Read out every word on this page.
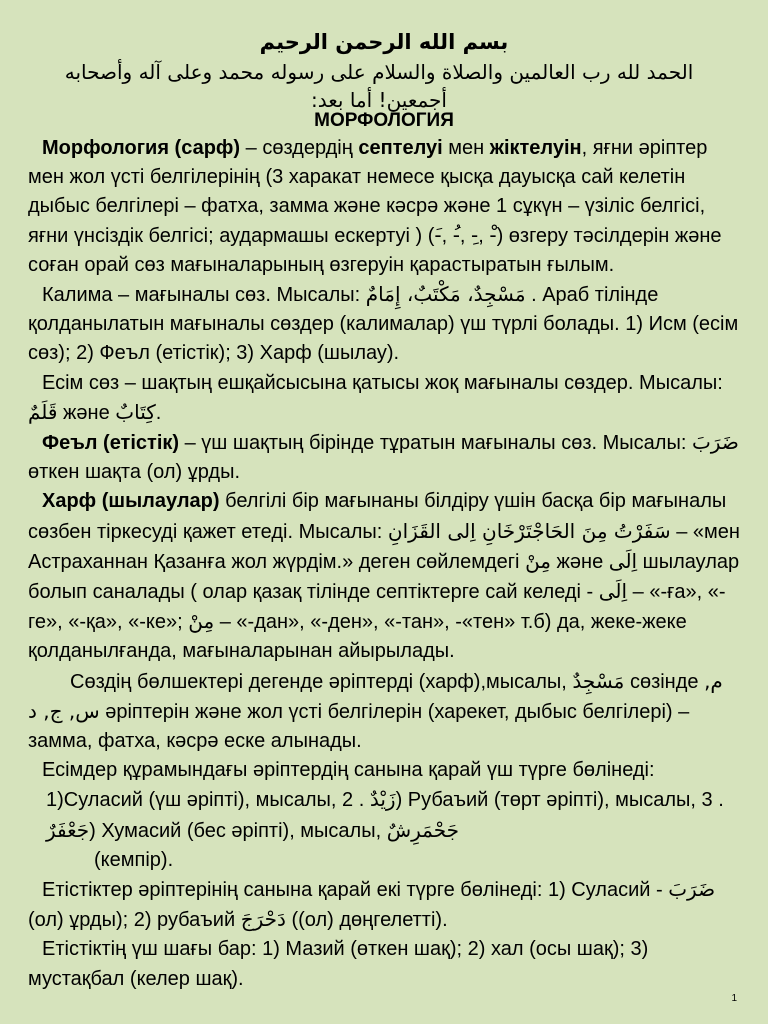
بسم الله الرحمن الرحيم
الحمد لله رب العالمين والصلاة والسلام على رسوله محمد وعلى آله وأصحابه أجمعين! أما بعد:
МОРФОЛОГИЯ

Морфология (сарф) – сөздердің септелуі мен жіктелуін, яғни әріптер мен жол үсті белгілерінің (3 харакат немесе қысқа дауысқа сай келетін дыбыс белгілері – фатха, замма және кәсрә және 1 сұкүн – үзіліс белгісі, яғни үнсіздік белгісі; аудармашы ескертуі ) (-َ, -ُ, -ِ, -ْ) өзгеру тәсілдерін және соған орай сөз мағыналарының өзгеруін қарастыратын ғылым.

Калима – мағыналы сөз. Мысалы: مَسْجِدٌ، مَكْتَبٌ، إِمَامٌ . Араб тілінде қолданылатын мағыналы сөздер (калималар) үш түрлі болады. 1) Исм (есім сөз); 2) Феъл (етістік); 3) Харф (шылау).

Есім сөз – шақтың ешқайсысына қатысы жоқ мағыналы сөздер. Мысалы: قَلَمٌ және كِتَابٌ.

Феъл (етістік) – үш шақтың бірінде тұратын мағыналы сөз. Мысалы: ضَرَبَ өткен шақта (ол) ұрды.

Харф (шылаулар) белгілі бір мағынаны білдіру үшін басқа бір мағыналы сөзбен тіркесуді қажет етеді. Мысалы: سَفَرْتُ مِنَ الحَاجْتَرْخَانِ اِلى القَزَانِ – «мен Астраханнан Қазанға жол жүрдім.» деген сөйлемдегі مِنْ және اِلَى шылаулар болып саналады ( олар қазақ тілінде септіктерге сай келеді - اِلَى – «-ға», «-ге», «-қа», «-ке»; مِنْ – «-дан», «-ден», «-тан», -«тен» т.б) да, жеке-жеке қолданылғанда, мағыналарынан айырылады.

Сөздің бөлшектері дегенде әріптерді (харф),мысалы, مَسْجِدٌ сөзінде م, س, ج, د әріптерін және жол үсті белгілерін (харекет, дыбыс белгілері) – замма, фатха, кәсрә еске алынады.

Есімдер құрамындағы әріптердің санына қарай үш түрге бөлінеді:

1)Суласий (үш әріпті), мысалы, 2 . زَيْدٌ) Рубаъий (төрт әріпті), мысалы, 3 . جَعْفَرٌ) Хумасий (бес әріпті), мысалы, جَحْمَرِشٌ

(кемпір).

Етістіктер әріптерінің санына қарай екі түрге бөлінеді: 1) Суласий - ضَرَبَ (ол) ұрды); 2) рубаъий دَحْرَجَ ((ол) дөңгелетті).

Етістіктің үш шағы бар: 1) Мазий (өткен шақ); 2) хал (осы шақ); 3) мустақбал (келер шақ).

1
